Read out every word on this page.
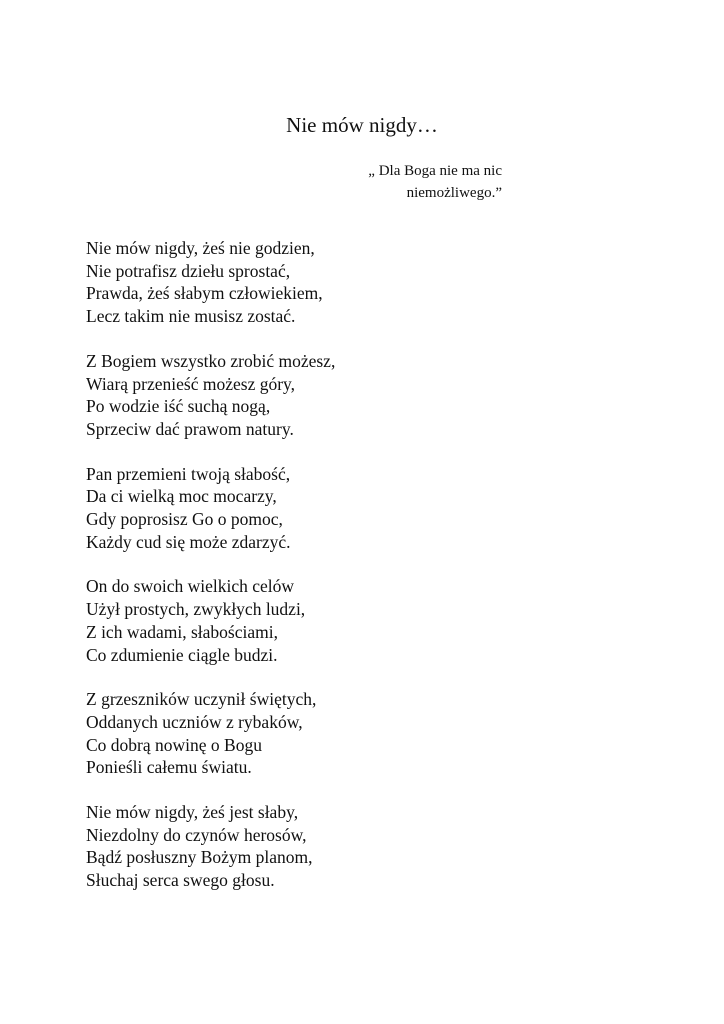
Nie mów nigdy…
„ Dla Boga nie ma nic
niemożliwego.”
Nie mów nigdy, żeś nie godzien,
Nie potrafisz dziełu sprostać,
Prawda, żeś słabym człowiekiem,
Lecz takim nie musisz zostać.
Z Bogiem wszystko zrobić możesz,
Wiarą przenieść możesz góry,
Po wodzie iść suchą nogą,
Sprzeciw dać prawom natury.
Pan przemieni twoją słabość,
Da ci wielką moc mocarzy,
Gdy poprosisz Go o pomoc,
Każdy cud się może zdarzyć.
On do swoich wielkich celów
Użył prostych, zwykłych ludzi,
Z ich wadami, słabościami,
Co zdumienie ciągle budzi.
Z grzeszników uczynił świętych,
Oddanych uczniów z rybaków,
Co dobrą nowinę o Bogu
Ponieśli całemu światu.
Nie mów nigdy, żeś jest słaby,
Niezdolny do czynów herosów,
Bądź posłuszny Bożym planom,
Słuchaj serca swego głosu.
